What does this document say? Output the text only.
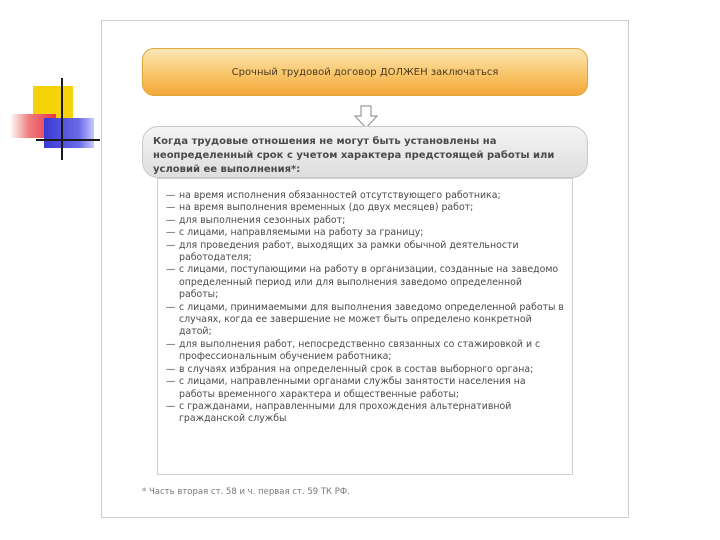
Срочный трудовой договор ДОЛЖЕН заключаться
Когда трудовые отношения не могут быть установлены на неопределенный срок с учетом характера предстоящей работы или условий ее выполнения*:
— на время исполнения обязанностей отсутствующего работника;
— на время выполнения временных (до двух месяцев) работ;
— для выполнения сезонных работ;
— с лицами, направляемыми на работу за границу;
— для проведения работ, выходящих за рамки обычной деятельности работодателя;
— с лицами, поступающими на работу в организации, созданные на заведомо определенный период или для выполнения заведомо определенной работы;
— с лицами, принимаемыми для выполнения заведомо определенной работы в случаях, когда ее завершение не может быть определено конкретной датой;
— для выполнения работ, непосредственно связанных со стажировкой и с профессиональным обучением работника;
— в случаях избрания на определенный срок в состав выборного органа;
— с лицами, направленными органами службы занятости населения на работы временного характера и общественные работы;
— с гражданами, направленными для прохождения альтернативной гражданской службы
* Часть вторая ст. 58 и ч. первая ст. 59 ТК РФ.
